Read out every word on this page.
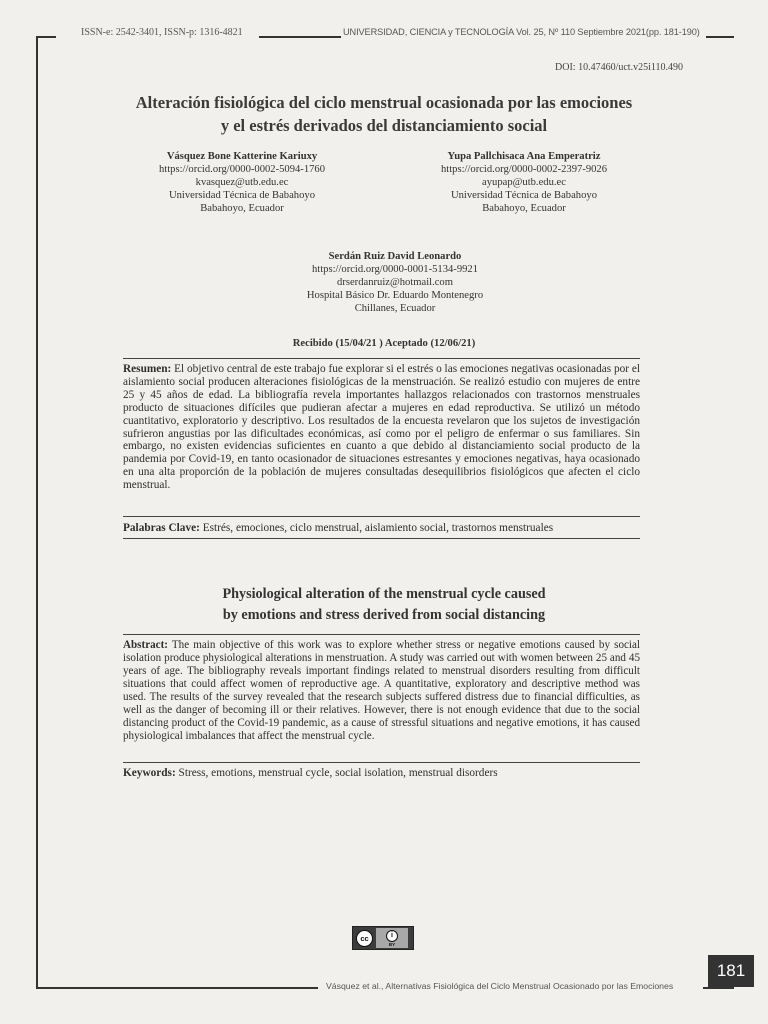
ISSN-e: 2542-3401, ISSN-p: 1316-4821	UNIVERSIDAD, CIENCIA y TECNOLOGÍA Vol. 25, Nº 110 Septiembre 2021(pp. 181-190)
DOI: 10.47460/uct.v25i110.490
Alteración fisiológica del ciclo menstrual ocasionada por las emociones
y el estrés derivados del distanciamiento social
Vásquez Bone Katterine Kariuxy
https://orcid.org/0000-0002-5094-1760
kvasquez@utb.edu.ec
Universidad Técnica de Babahoyo
Babahoyo, Ecuador
Yupa Pallchisaca Ana Emperatriz
https://orcid.org/0000-0002-2397-9026
ayupap@utb.edu.ec
Universidad Técnica de Babahoyo
Babahoyo, Ecuador
Serdán Ruiz David Leonardo
https://orcid.org/0000-0001-5134-9921
drserdanruiz@hotmail.com
Hospital Básico Dr. Eduardo Montenegro
Chillanes, Ecuador
Recibido (15/04/21 ) Aceptado (12/06/21)
Resumen: El objetivo central de este trabajo fue explorar si el estrés o las emociones negativas ocasionadas por el aislamiento social producen alteraciones fisiológicas de la menstruación. Se realizó estudio con mujeres de entre 25 y 45 años de edad. La bibliografía revela importantes hallazgos relacionados con trastornos menstruales producto de situaciones difíciles que pudieran afectar a mujeres en edad reproductiva. Se utilizó un método cuantitativo, exploratorio y descriptivo. Los resultados de la encuesta revelaron que los sujetos de investigación sufrieron angustias por las dificultades económicas, así como por el peligro de enfermar o sus familiares. Sin embargo, no existen evidencias suficientes en cuanto a que debido al distanciamiento social producto de la pandemia por Covid-19, en tanto ocasionador de situaciones estresantes y emociones negativas, haya ocasionado en una alta proporción de la población de mujeres consultadas desequilibrios fisiológicos que afecten el ciclo menstrual.
Palabras Clave: Estrés, emociones, ciclo menstrual, aislamiento social, trastornos menstruales
Physiological alteration of the menstrual cycle caused
by emotions and stress derived from social distancing
Abstract: The main objective of this work was to explore whether stress or negative emotions caused by social isolation produce physiological alterations in menstruation. A study was carried out with women between 25 and 45 years of age. The bibliography reveals important findings related to menstrual disorders resulting from difficult situations that could affect women of reproductive age. A quantitative, exploratory and descriptive method was used. The results of the survey revealed that the research subjects suffered distress due to financial difficulties, as well as the danger of becoming ill or their relatives. However, there is not enough evidence that due to the social distancing product of the Covid-19 pandemic, as a cause of stressful situations and negative emotions, it has caused physiological imbalances that affect the menstrual cycle.
Keywords: Stress, emotions, menstrual cycle, social isolation, menstrual disorders
cc	i
BY
181
Vásquez et al., Alternativas Fisiológica del Ciclo Menstrual Ocasionado por las Emociones
